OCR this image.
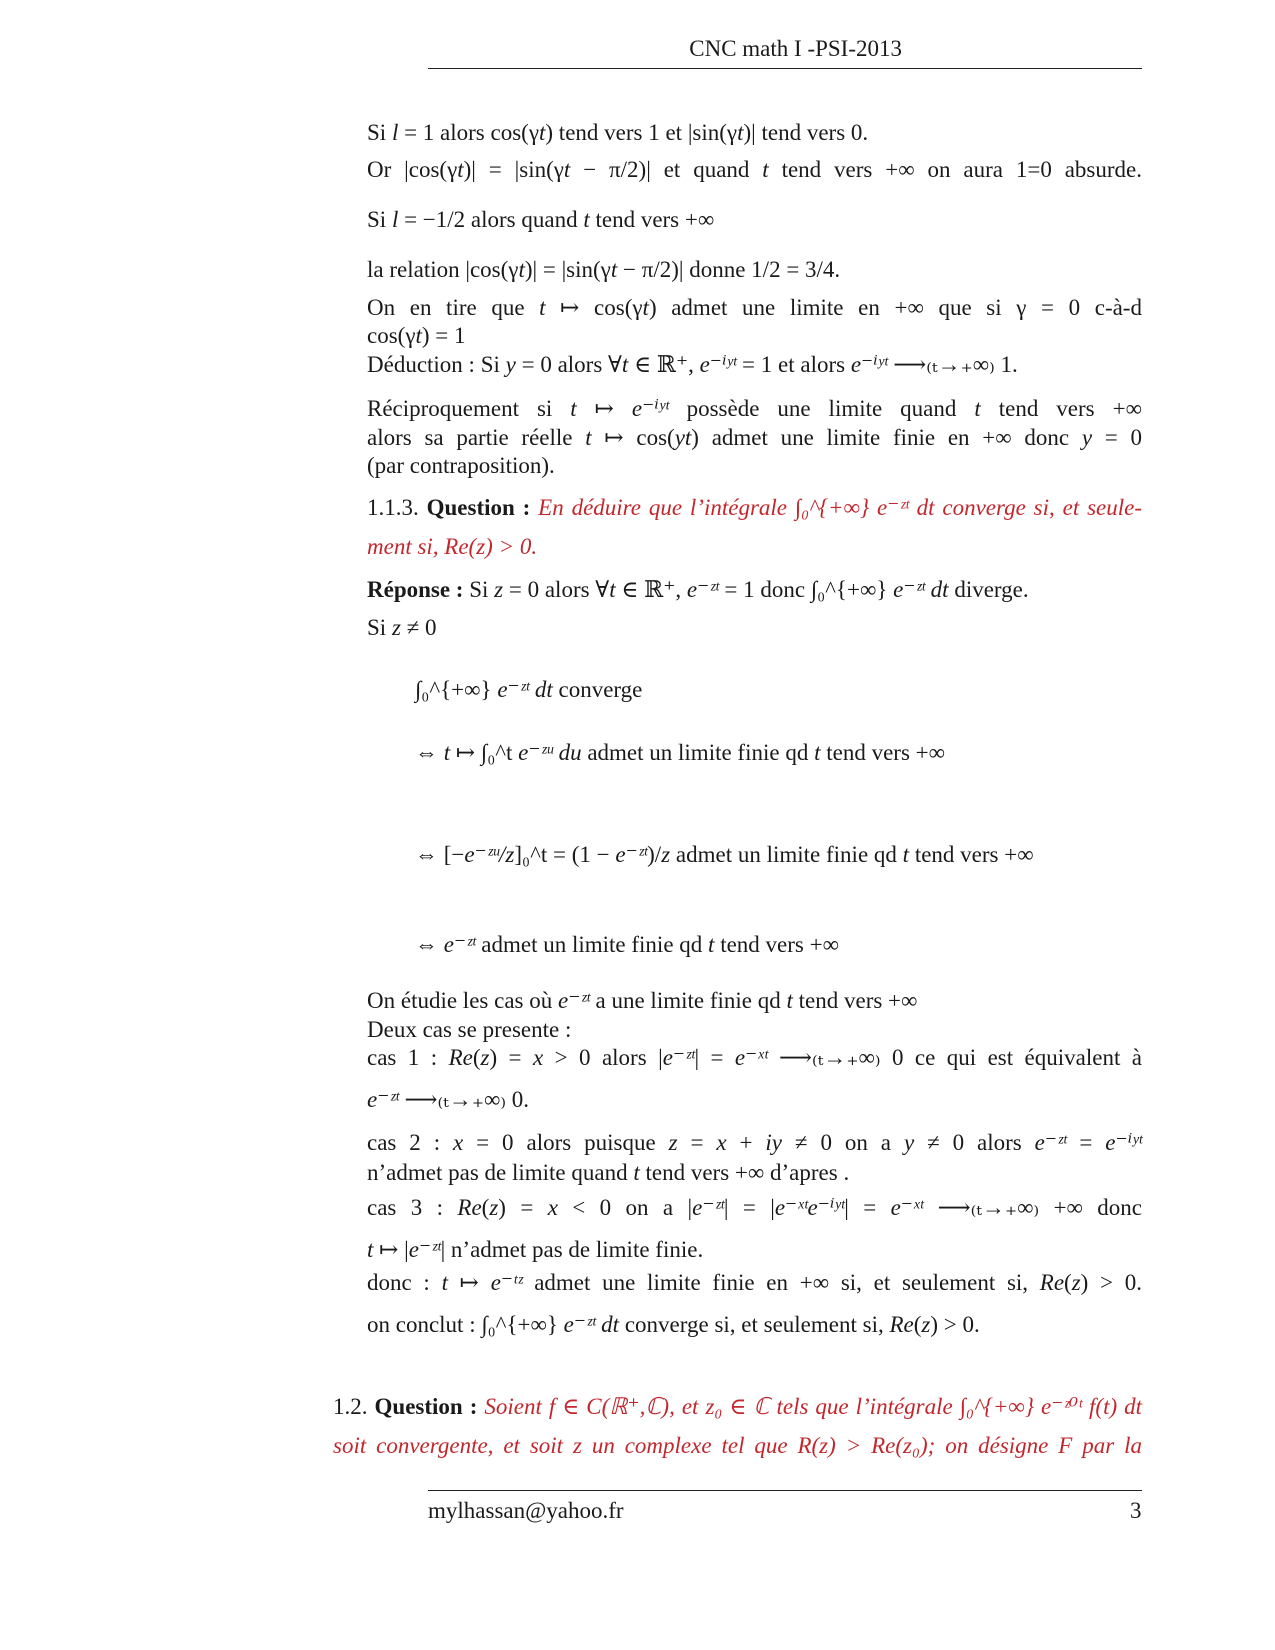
CNC math I -PSI-2013
Si l = 1 alors cos(γt) tend vers 1 et |sin(γt)| tend vers 0.
Or |cos(γt)| = |sin(γt − π/2)| et quand t tend vers +∞ on aura 1=0 absurde.
Si l = −1/2 alors quand t tend vers +∞
la relation |cos(γt)| = |sin(γt − π/2)| donne 1/2 = 3/4.
On en tire que t ↦ cos(γt) admet une limite en +∞ que si γ = 0 c-à-d
cos(γt) = 1
Déduction : Si y = 0 alors ∀t ∈ ℝ⁺, e⁻ⁱʸᵗ = 1 et alors e⁻ⁱʸᵗ ⟶₍ₜ→₊∞₎ 1.
Réciproquement si t ↦ e⁻ⁱʸᵗ possède une limite quand t tend vers +∞
alors sa partie réelle t ↦ cos(yt) admet une limite finie en +∞ donc y = 0
(par contraposition).
1.1.3. Question : En déduire que l’intégrale ∫₀^{+∞} e⁻ᶻᵗ dt converge si, et seule-
ment si, Re(z) > 0.
Réponse : Si z = 0 alors ∀t ∈ ℝ⁺, e⁻ᶻᵗ = 1 donc ∫₀^{+∞} e⁻ᶻᵗ dt diverge.
Si z ≠ 0
∫₀^{+∞} e⁻ᶻᵗ dt converge
⇔ t ↦ ∫₀^t e⁻ᶻᵘ du admet un limite finie qd t tend vers +∞
⇔ [−e⁻ᶻᵘ/z]₀^t = (1 − e⁻ᶻᵗ)/z admet un limite finie qd t tend vers +∞
⇔ e⁻ᶻᵗ admet un limite finie qd t tend vers +∞
On étudie les cas où e⁻ᶻᵗ a une limite finie qd t tend vers +∞
Deux cas se presente :
cas 1 : Re(z) = x > 0 alors |e⁻ᶻᵗ| = e⁻ˣᵗ ⟶₍ₜ→₊∞₎ 0 ce qui est équivalent à
e⁻ᶻᵗ ⟶₍ₜ→₊∞₎ 0.
cas 2 : x = 0 alors puisque z = x + iy ≠ 0 on a y ≠ 0 alors e⁻ᶻᵗ = e⁻ⁱʸᵗ
n’admet pas de limite quand t tend vers +∞ d’apres .
cas 3 : Re(z) = x < 0 on a |e⁻ᶻᵗ| = |e⁻ˣᵗe⁻ⁱʸᵗ| = e⁻ˣᵗ ⟶₍ₜ→₊∞₎ +∞ donc
t ↦ |e⁻ᶻᵗ| n’admet pas de limite finie.
donc : t ↦ e⁻ᵗᶻ admet une limite finie en +∞ si, et seulement si, Re(z) > 0.
on conclut : ∫₀^{+∞} e⁻ᶻᵗ dt converge si, et seulement si, Re(z) > 0.
1.2. Question : Soient f ∈ C(ℝ⁺,ℂ), et z₀ ∈ ℂ tels que l’intégrale ∫₀^{+∞} e⁻ᶻ⁰ᵗ f(t) dt
soit convergente, et soit z un complexe tel que R(z) > Re(z₀); on désigne F par la
mylhassan@yahoo.fr	3
